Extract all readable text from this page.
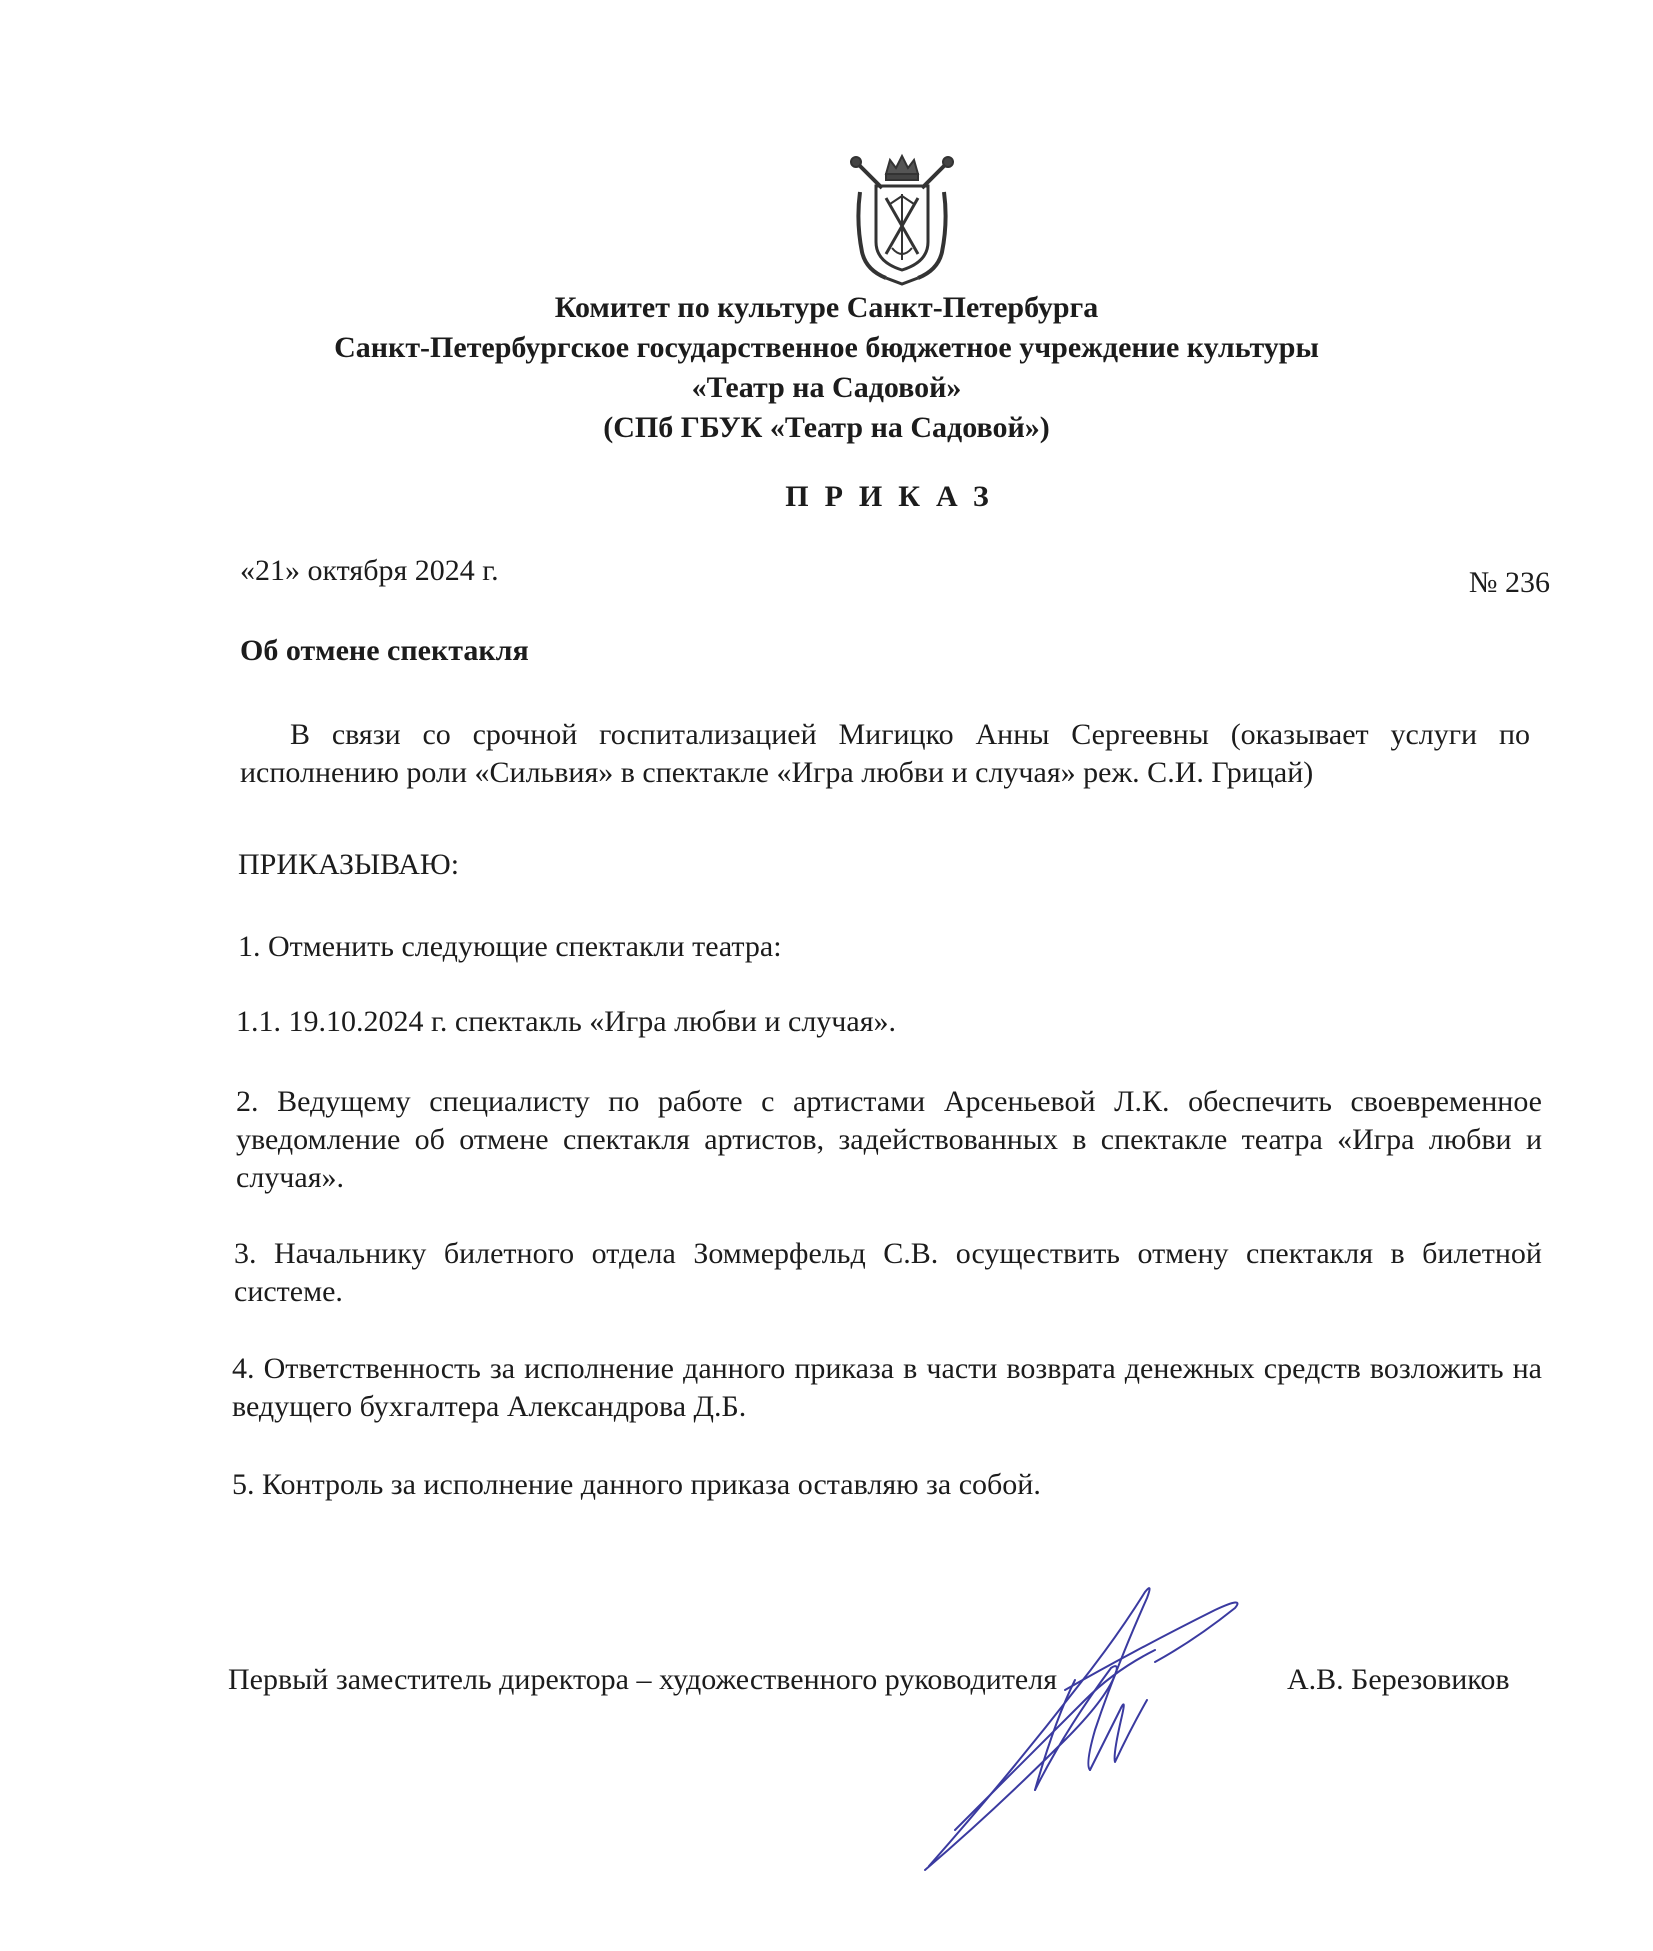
Комитет по культуре Санкт-Петербурга
Санкт-Петербургское государственное бюджетное учреждение культуры
«Театр на Садовой»
(СПб ГБУК «Театр на Садовой»)
ПРИКАЗ
«21» октября 2024 г.	№ 236
Об отмене спектакля
В связи со срочной госпитализацией Мигицко Анны Сергеевны (оказывает услуги по исполнению роли «Сильвия» в спектакле «Игра любви и случая» реж. С.И. Грицай)
ПРИКАЗЫВАЮ:
1. Отменить следующие спектакли театра:
1.1. 19.10.2024 г. спектакль «Игра любви и случая».
2. Ведущему специалисту по работе с артистами Арсеньевой Л.К. обеспечить своевременное уведомление об отмене спектакля артистов, задействованных в спектакле театра «Игра любви и случая».
3. Начальнику билетного отдела Зоммерфельд С.В. осуществить отмену спектакля в билетной системе.
4. Ответственность за исполнение данного приказа в части возврата денежных средств возложить на ведущего бухгалтера Александрова Д.Б.
5. Контроль за исполнение данного приказа оставляю за собой.
Первый заместитель директора – художественного руководителя	А.В. Березовиков
